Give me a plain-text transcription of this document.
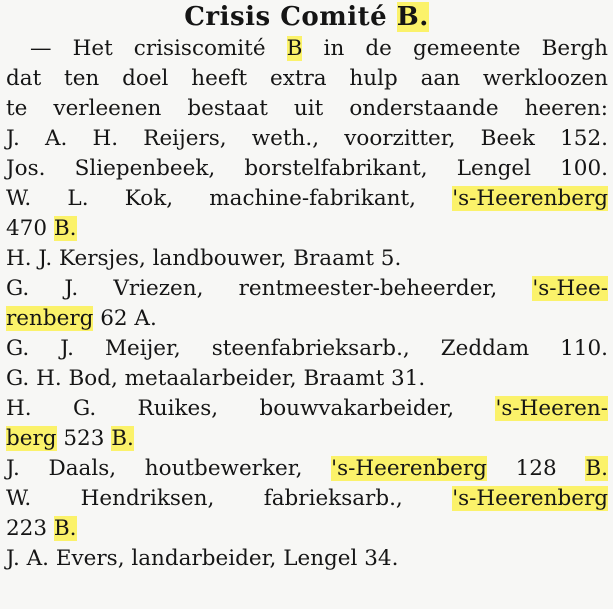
Crisis Comité B.
— Het crisiscomité B in de gemeente Bergh
dat ten doel heeft extra hulp aan werkloozen
te verleenen bestaat uit onderstaande heeren:
J. A. H. Reijers, weth., voorzitter, Beek 152.
Jos. Sliepenbeek, borstelfabrikant, Lengel 100.
W. L. Kok, machine-fabrikant, 's-Heerenberg
470 B.
H. J. Kersjes, landbouwer, Braamt 5.
G. J. Vriezen, rentmeester-beheerder, 's-Hee-
renberg 62 A.
G. J. Meijer, steenfabrieksarb., Zeddam 110.
G. H. Bod, metaalarbeider, Braamt 31.
H. G. Ruikes, bouwvakarbeider, 's-Heeren-
berg 523 B.
J. Daals, houtbewerker, 's-Heerenberg 128 B.
W. Hendriksen, fabrieksarb., 's-Heerenberg
223 B.
J. A. Evers, landarbeider, Lengel 34.
